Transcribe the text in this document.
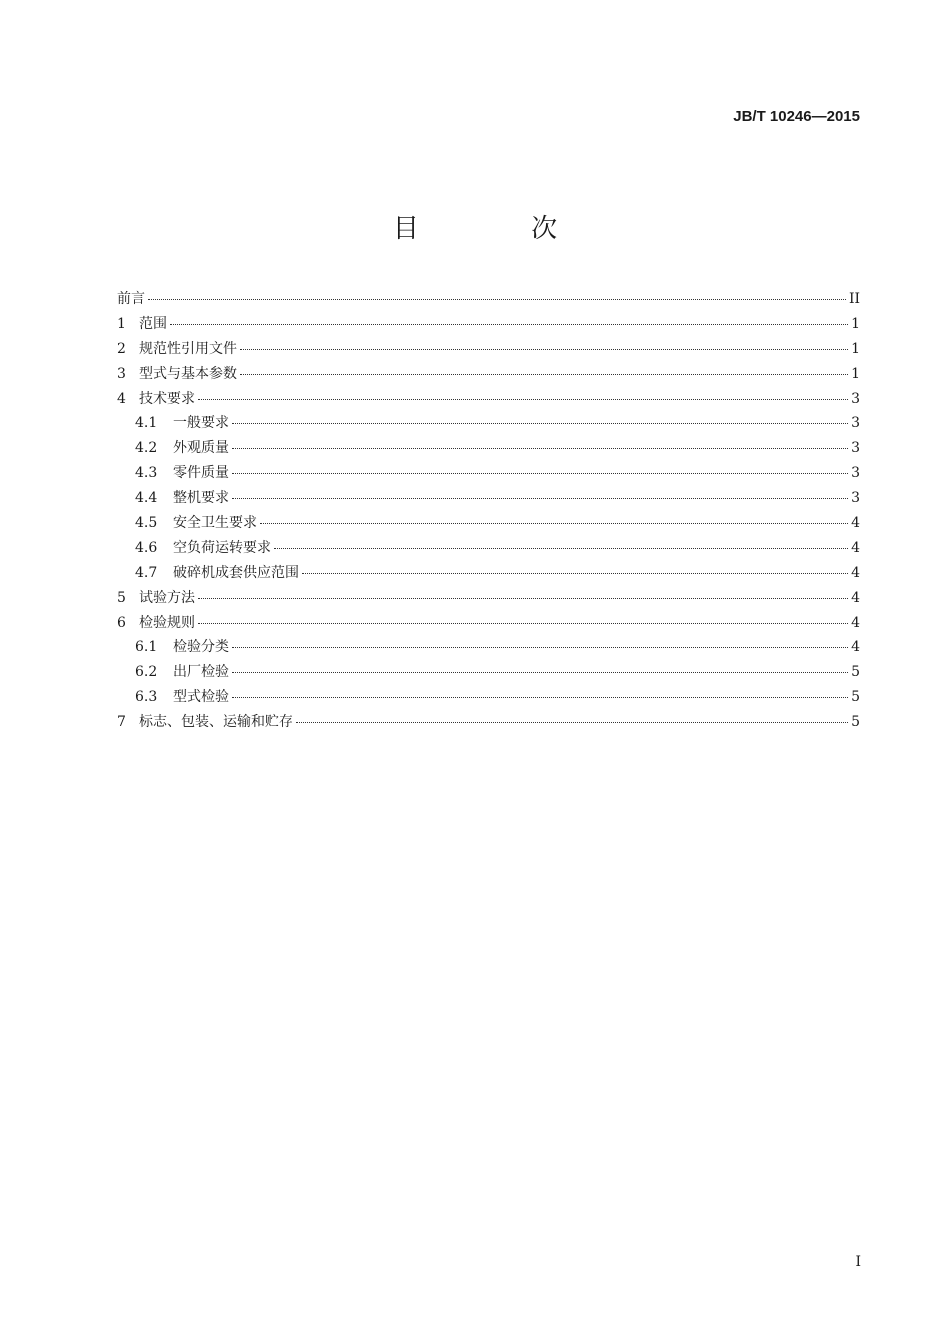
JB/T 10246—2015
目 次
前言	II
1 范围	1
2 规范性引用文件	1
3 型式与基本参数	1
4 技术要求	3
4.1	一般要求	3
4.2	外观质量	3
4.3	零件质量	3
4.4	整机要求	3
4.5	安全卫生要求	4
4.6	空负荷运转要求	4
4.7	破碎机成套供应范围	4
5 试验方法	4
6 检验规则	4
6.1	检验分类	4
6.2	出厂检验	5
6.3	型式检验	5
7 标志、包装、运输和贮存	5
I
